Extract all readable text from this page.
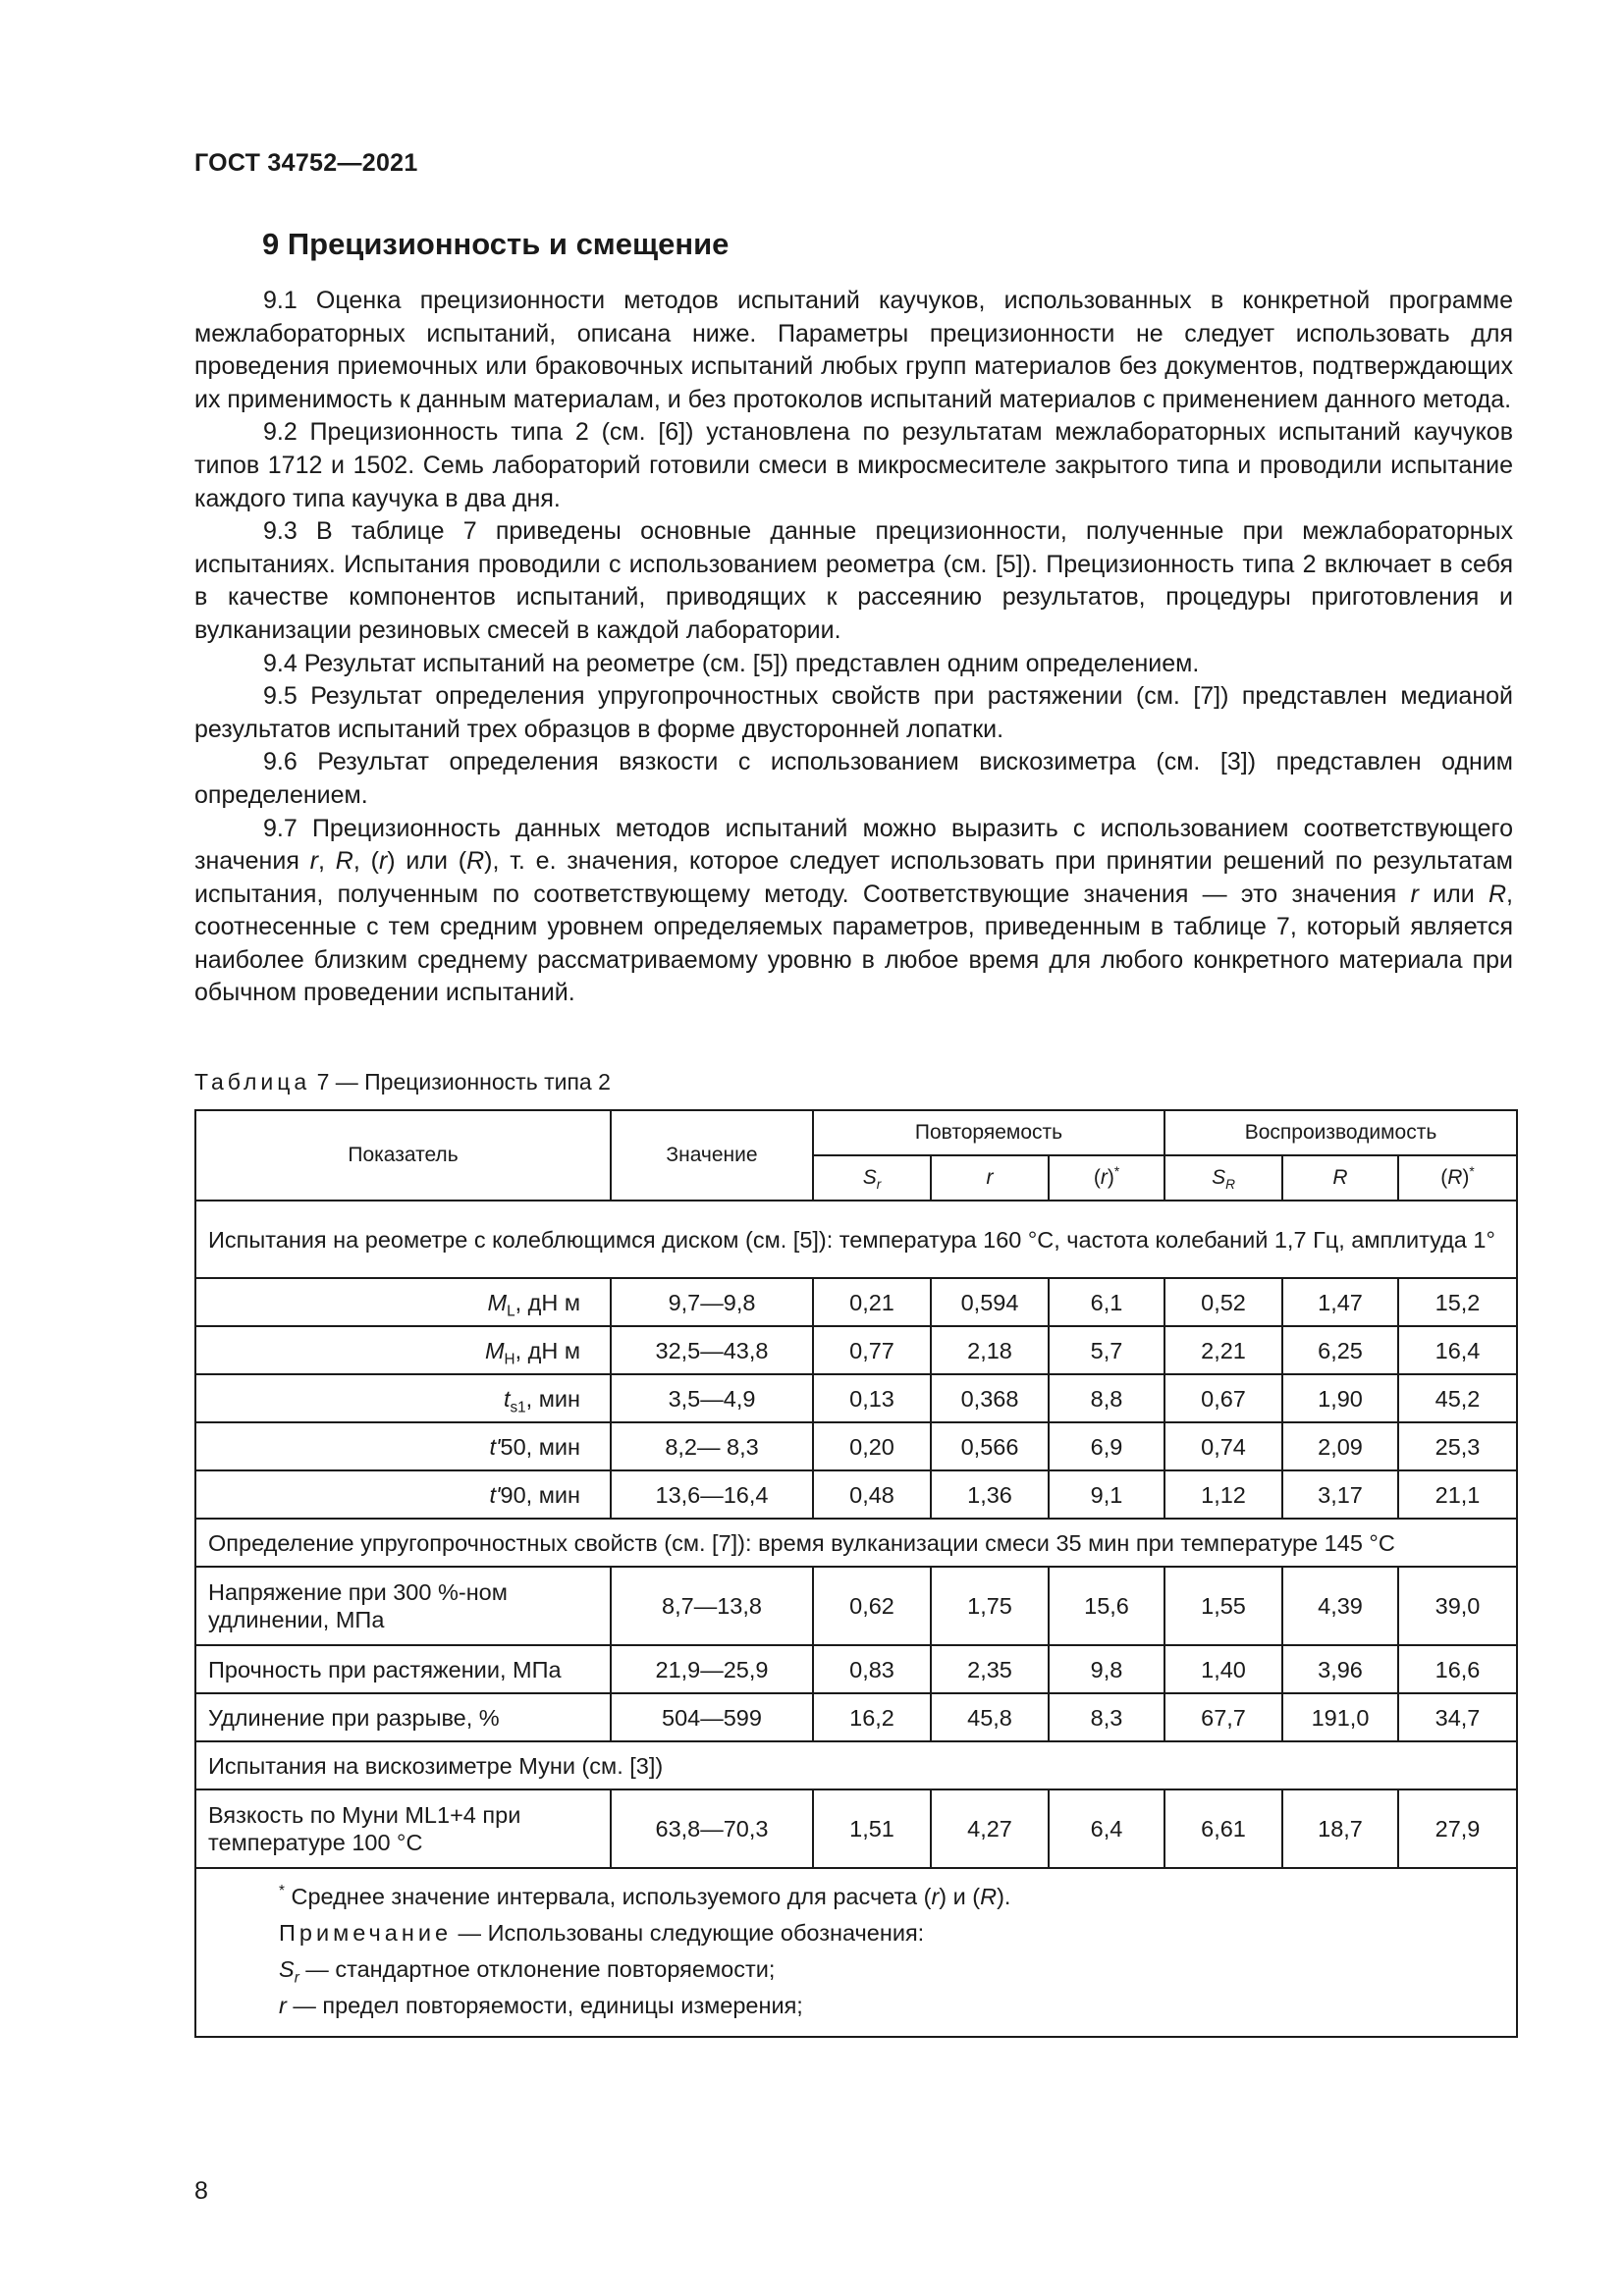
ГОСТ 34752—2021
9 Прецизионность и смещение

9.1 Оценка прецизионности методов испытаний каучуков, использованных в конкретной программе межлабораторных испытаний, описана ниже. Параметры прецизионности не следует использовать для проведения приемочных или браковочных испытаний любых групп материалов без документов, подтверждающих их применимость к данным материалам, и без протоколов испытаний материалов с применением данного метода.

9.2 Прецизионность типа 2 (см. [6]) установлена по результатам межлабораторных испытаний каучуков типов 1712 и 1502. Семь лабораторий готовили смеси в микросмесителе закрытого типа и проводили испытание каждого типа каучука в два дня.

9.3 В таблице 7 приведены основные данные прецизионности, полученные при межлабораторных испытаниях. Испытания проводили с использованием реометра (см. [5]). Прецизионность типа 2 включает в себя в качестве компонентов испытаний, приводящих к рассеянию результатов, процедуры приготовления и вулканизации резиновых смесей в каждой лаборатории.

9.4 Результат испытаний на реометре (см. [5]) представлен одним определением.

9.5 Результат определения упругопрочностных свойств при растяжении (см. [7]) представлен медианой результатов испытаний трех образцов в форме двусторонней лопатки.

9.6 Результат определения вязкости с использованием вискозиметра (см. [3]) представлен одним определением.

9.7 Прецизионность данных методов испытаний можно выразить с использованием соответствующего значения r, R, (r) или (R), т. е. значения, которое следует использовать при принятии решений по результатам испытания, полученным по соответствующему методу. Соответствующие значения — это значения r или R, соотнесенные с тем средним уровнем определяемых параметров, приведенным в таблице 7, который является наиболее близким среднему рассматриваемому уровню в любое время для любого конкретного материала при обычном проведении испытаний.

Таблица 7 — Прецизионность типа 2
Показатель	Значение	Повторяемость			Воспроизводимость		
		$S_r$	r	(r)*	$S_R$	R	(R)*
Испытания на реометре с колеблющимся диском (см. [5]): температура 160 °С, частота колебаний 1,7 Гц, амплитуда 1°							
$M_L$, дН м	9,7—9,8	0,21	0,594	6,1	0,52	1,47	15,2
$M_H$, дН м	32,5—43,8	0,77	2,18	5,7	2,21	6,25	16,4
$t_{s1}$, мин	3,5—4,9	0,13	0,368	8,8	0,67	1,90	45,2
t'50, мин	8,2— 8,3	0,20	0,566	6,9	0,74	2,09	25,3
t'90, мин	13,6—16,4	0,48	1,36	9,1	1,12	3,17	21,1
Определение упругопрочностных свойств (см. [7]): время вулканизации смеси 35 мин при температуре 145 °С							
Напряжение при 300 %-ном
удлинении, МПа	8,7—13,8	0,62	1,75	15,6	1,55	4,39	39,0
Прочность при растяжении, МПа	21,9—25,9	0,83	2,35	9,8	1,40	3,96	16,6
Удлинение при разрыве, %	504—599	16,2	45,8	8,3	67,7	191,0	34,7
Испытания на вискозиметре Муни (см. [3])							
Вязкость по Муни ML1+4 при
температуре 100 °С	63,8—70,3	1,51	4,27	6,4	6,61	18,7	27,9

* Среднее значение интервала, используемого для расчета (r) и (R).
Примечание — Использованы следующие обозначения:
$S_r$ — стандартное отклонение повторяемости;
r — предел повторяемости, единицы измерения;							
8
